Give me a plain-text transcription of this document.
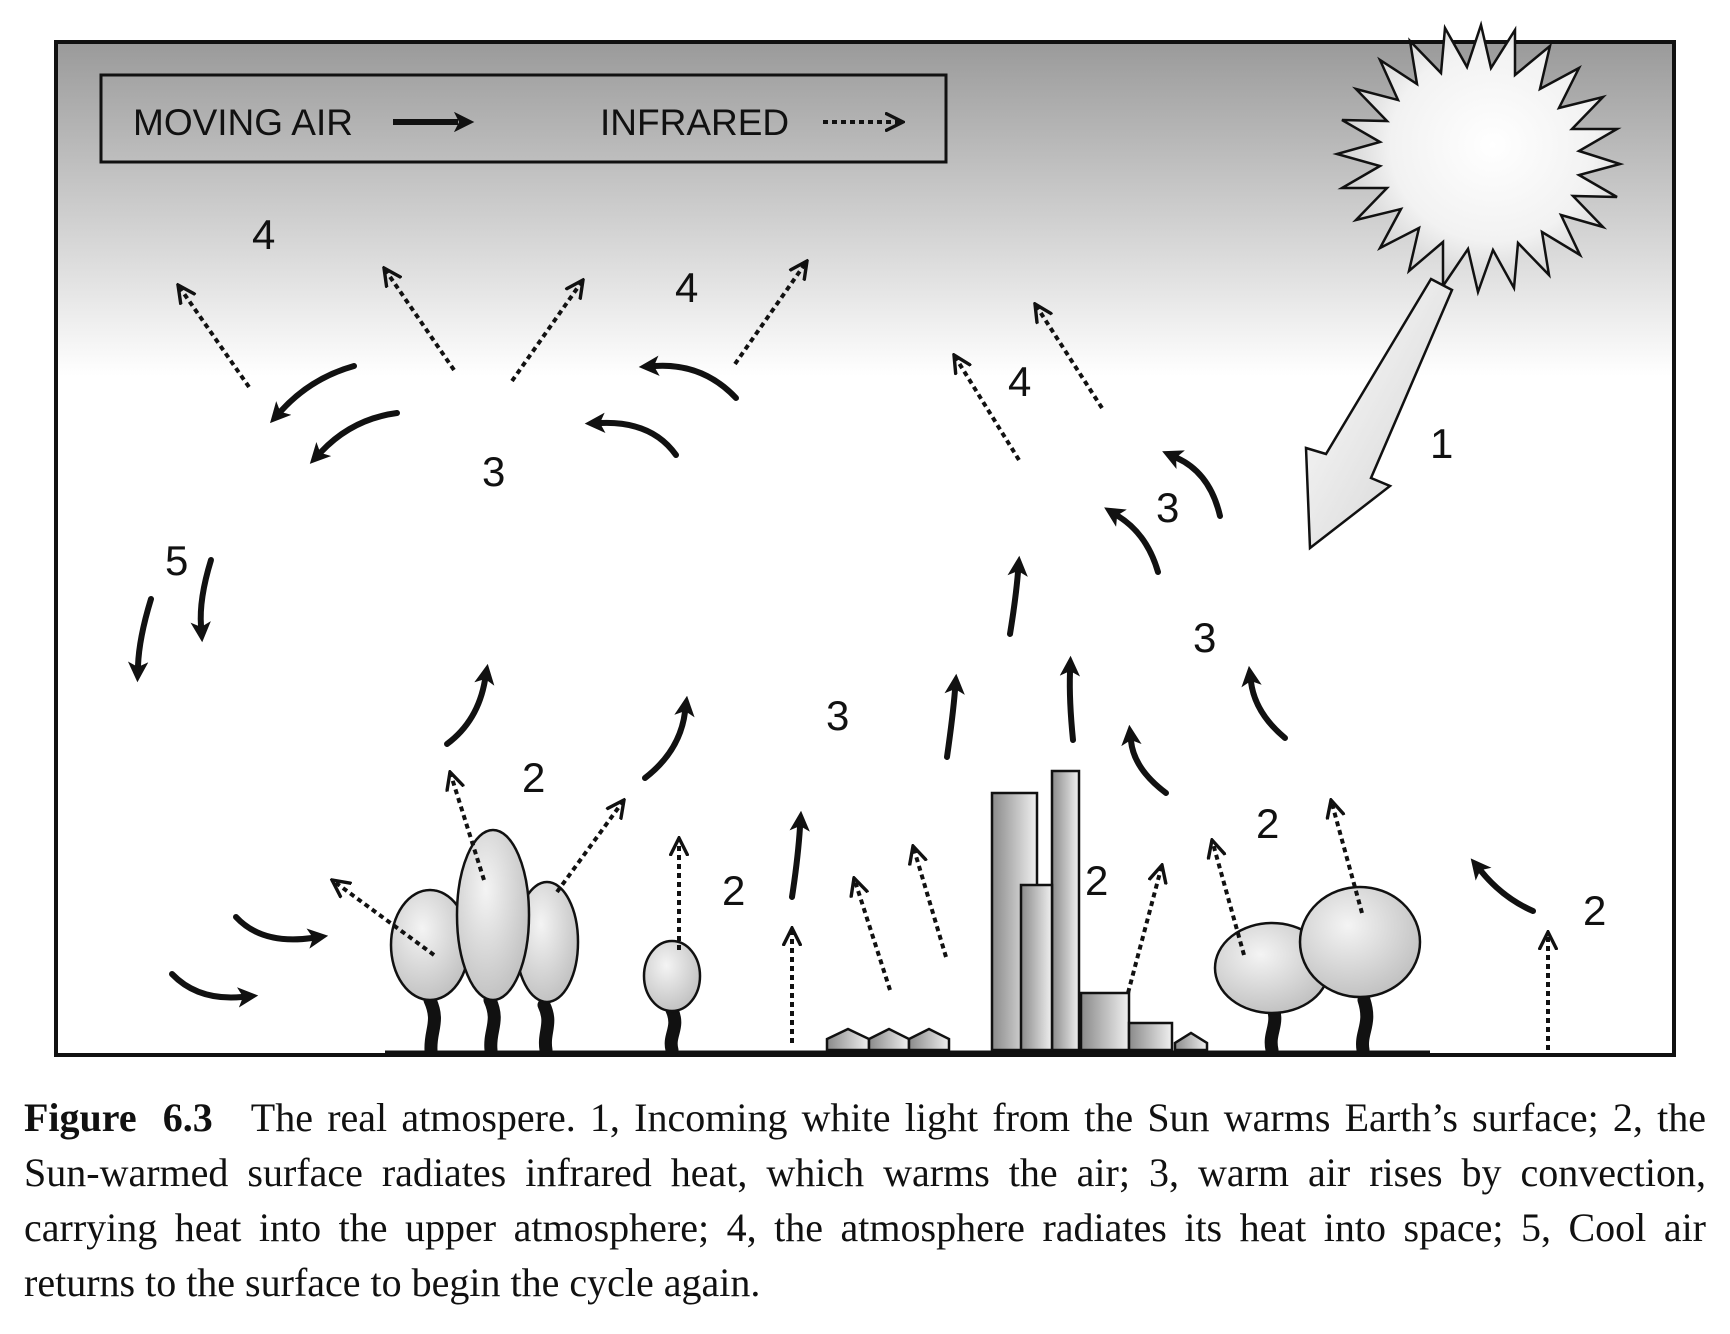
MOVING AIR	INFRARED
1
2
2	2
2
2
3
3
3
3
4
4
4
5
Figure 6.3 The real atmospere. 1, Incoming white light from the Sun warms Earth’s surface; 2, the Sun-warmed surface radiates infrared heat, which warms the air; 3, warm air rises by convection, carrying heat into the upper atmosphere; 4, the atmosphere radiates its heat into space; 5, Cool air returns to the surface to begin the cycle again.
